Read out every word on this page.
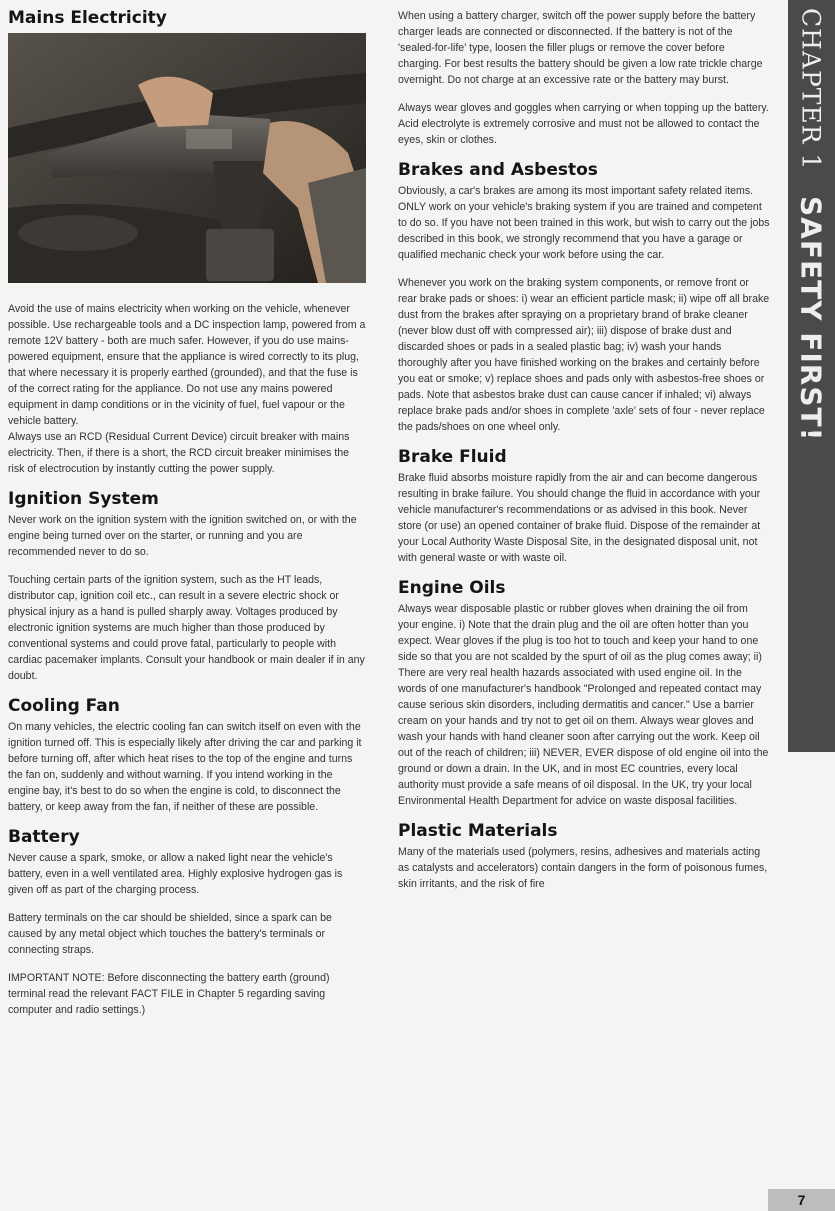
Mains Electricity

Avoid the use of mains electricity when working on the vehicle, whenever possible. Use rechargeable tools and a DC inspection lamp, powered from a remote 12V battery - both are much safer. However, if you do use mains-powered equipment, ensure that the appliance is wired correctly to its plug, that where necessary it is properly earthed (grounded), and that the fuse is of the correct rating for the appliance. Do not use any mains powered equipment in damp conditions or in the vicinity of fuel, fuel vapour or the vehicle battery.

Always use an RCD (Residual Current Device) circuit breaker with mains electricity. Then, if there is a short, the RCD circuit breaker minimises the risk of electrocution by instantly cutting the power supply.

Ignition System

Never work on the ignition system with the ignition switched on, or with the engine being turned over on the starter, or running and you are recommended never to do so.

Touching certain parts of the ignition system, such as the HT leads, distributor cap, ignition coil etc., can result in a severe electric shock or physical injury as a hand is pulled sharply away. Voltages produced by electronic ignition systems are much higher than those produced by conventional systems and could prove fatal, particularly to people with cardiac pacemaker implants. Consult your handbook or main dealer if in any doubt.

Cooling Fan

On many vehicles, the electric cooling fan can switch itself on even with the ignition turned off. This is especially likely after driving the car and parking it before turning off, after which heat rises to the top of the engine and turns the fan on, suddenly and without warning. If you intend working in the engine bay, it's best to do so when the engine is cold, to disconnect the battery, or keep away from the fan, if neither of these are possible.

Battery

Never cause a spark, smoke, or allow a naked light near the vehicle's battery, even in a well ventilated area. Highly explosive hydrogen gas is given off as part of the charging process.

Battery terminals on the car should be shielded, since a spark can be caused by any metal object which touches the battery's terminals or connecting straps.

IMPORTANT NOTE: Before disconnecting the battery earth (ground) terminal read the relevant FACT FILE in Chapter 5 regarding saving computer and radio settings.)

When using a battery charger, switch off the power supply before the battery charger leads are connected or disconnected. If the battery is not of the 'sealed-for-life' type, loosen the filler plugs or remove the cover before charging. For best results the battery should be given a low rate trickle charge overnight. Do not charge at an excessive rate or the battery may burst.

Always wear gloves and goggles when carrying or when topping up the battery. Acid electrolyte is extremely corrosive and must not be allowed to contact the eyes, skin or clothes.

Brakes and Asbestos

Obviously, a car's brakes are among its most important safety related items. ONLY work on your vehicle's braking system if you are trained and competent to do so. If you have not been trained in this work, but wish to carry out the jobs described in this book, we strongly recommend that you have a garage or qualified mechanic check your work before using the car.

Whenever you work on the braking system components, or remove front or rear brake pads or shoes: i) wear an efficient particle mask; ii) wipe off all brake dust from the brakes after spraying on a proprietary brand of brake cleaner (never blow dust off with compressed air); iii) dispose of brake dust and discarded shoes or pads in a sealed plastic bag; iv) wash your hands thoroughly after you have finished working on the brakes and certainly before you eat or smoke; v) replace shoes and pads only with asbestos-free shoes or pads. Note that asbestos brake dust can cause cancer if inhaled; vi) always replace brake pads and/or shoes in complete 'axle' sets of four - never replace the pads/shoes on one wheel only.

Brake Fluid

Brake fluid absorbs moisture rapidly from the air and can become dangerous resulting in brake failure. You should change the fluid in accordance with your vehicle manufacturer's recommendations or as advised in this book. Never store (or use) an opened container of brake fluid. Dispose of the remainder at your Local Authority Waste Disposal Site, in the designated disposal unit, not with general waste or with waste oil.

Engine Oils

Always wear disposable plastic or rubber gloves when draining the oil from your engine. i) Note that the drain plug and the oil are often hotter than you expect. Wear gloves if the plug is too hot to touch and keep your hand to one side so that you are not scalded by the spurt of oil as the plug comes away; ii) There are very real health hazards associated with used engine oil. In the words of one manufacturer's handbook "Prolonged and repeated contact may cause serious skin disorders, including dermatitis and cancer." Use a barrier cream on your hands and try not to get oil on them. Always wear gloves and wash your hands with hand cleaner soon after carrying out the work. Keep oil out of the reach of children; iii) NEVER, EVER dispose of old engine oil into the ground or down a drain. In the UK, and in most EC countries, every local authority must provide a safe means of oil disposal. In the UK, try your local Environmental Health Department for advice on waste disposal facilities.

Plastic Materials

Many of the materials used (polymers, resins, adhesives and materials acting as catalysts and accelerators) contain dangers in the form of poisonous fumes, skin irritants, and the risk of fire

CHAPTER 1
SAFETY FIRST!
7
